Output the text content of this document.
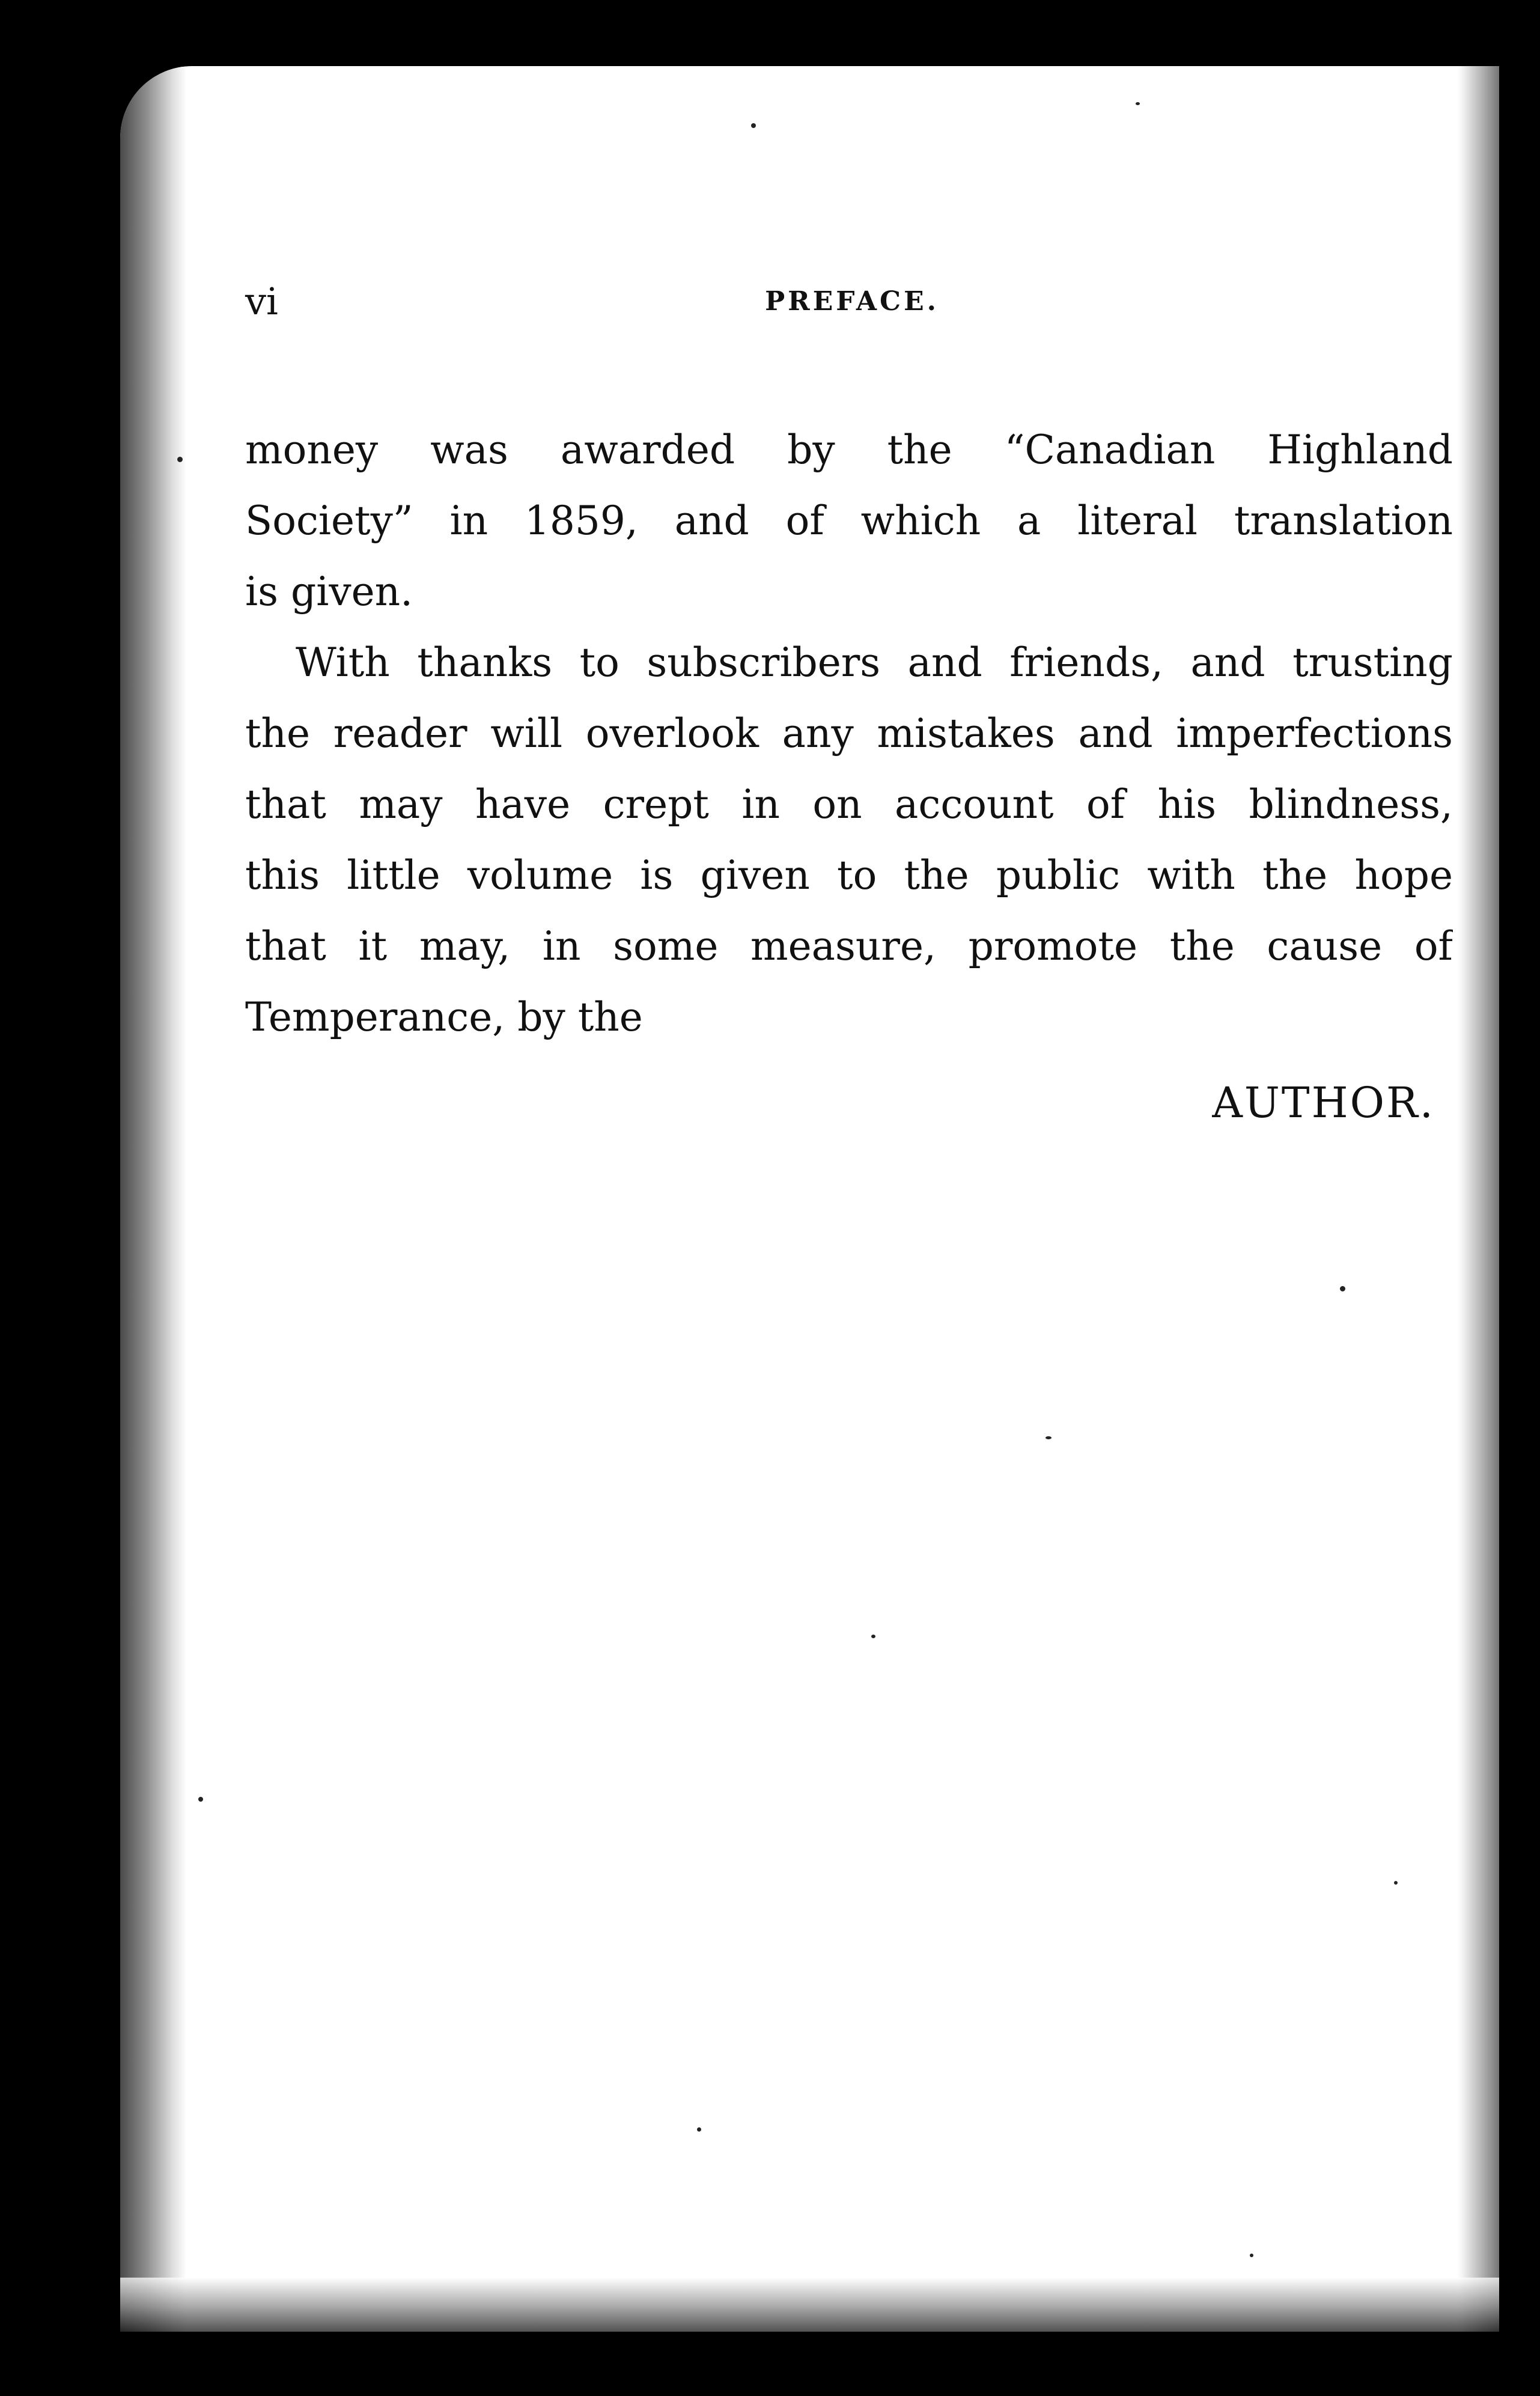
vi	PREFACE.
money was awarded by the “Canadian Highland
Society” in 1859, and of which a literal translation
is given.
With thanks to subscribers and friends, and trusting
the reader will overlook any mistakes and imperfections
that may have crept in on account of his blindness,
this little volume is given to the public with the hope
that it may, in some measure, promote the cause of
Temperance, by the
AUTHOR.
